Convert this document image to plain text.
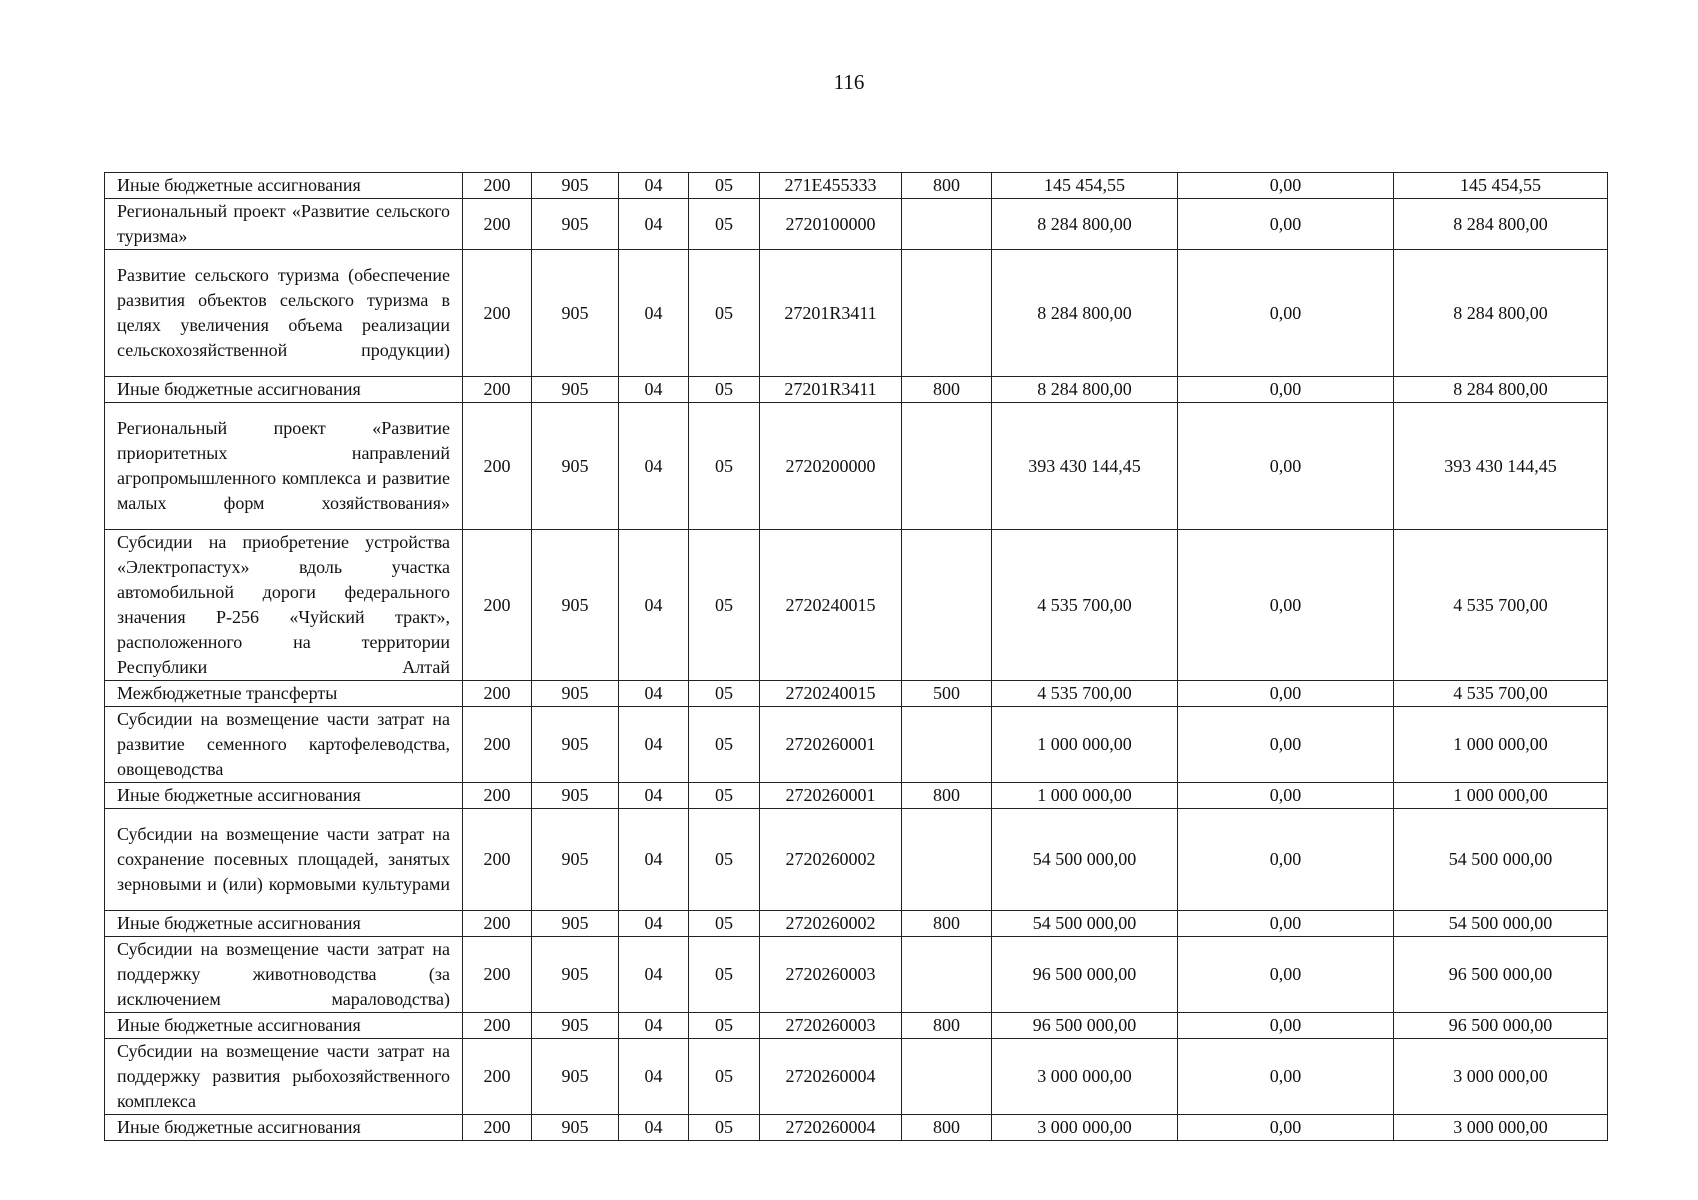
116
Иные бюджетные ассигнования	200	905	04	05	271E455333	800	145 454,55	0,00	145 454,55
Региональный проект «Развитие сельского туризма»	200	905	04	05	2720100000		8 284 800,00	0,00	8 284 800,00
Развитие сельского туризма (обеспечение развития объектов сельского туризма в целях увеличения объема реализации сельскохозяйственной продукции)	200	905	04	05	27201R3411		8 284 800,00	0,00	8 284 800,00
Иные бюджетные ассигнования	200	905	04	05	27201R3411	800	8 284 800,00	0,00	8 284 800,00
Региональный проект «Развитие приоритетных направлений агропромышленного комплекса и развитие малых форм хозяйствования»	200	905	04	05	2720200000		393 430 144,45	0,00	393 430 144,45
Субсидии на приобретение устройства «Электропастух» вдоль участка автомобильной дороги федерального значения Р-256 «Чуйский тракт», расположенного на территории Республики Алтай	200	905	04	05	2720240015		4 535 700,00	0,00	4 535 700,00
Межбюджетные трансферты	200	905	04	05	2720240015	500	4 535 700,00	0,00	4 535 700,00
Субсидии на возмещение части затрат на развитие семенного картофелеводства, овощеводства	200	905	04	05	2720260001		1 000 000,00	0,00	1 000 000,00
Иные бюджетные ассигнования	200	905	04	05	2720260001	800	1 000 000,00	0,00	1 000 000,00
Субсидии на возмещение части затрат на сохранение посевных площадей, занятых зерновыми и (или) кормовыми культурами	200	905	04	05	2720260002		54 500 000,00	0,00	54 500 000,00
Иные бюджетные ассигнования	200	905	04	05	2720260002	800	54 500 000,00	0,00	54 500 000,00
Субсидии на возмещение части затрат на поддержку животноводства (за исключением мараловодства)	200	905	04	05	2720260003		96 500 000,00	0,00	96 500 000,00
Иные бюджетные ассигнования	200	905	04	05	2720260003	800	96 500 000,00	0,00	96 500 000,00
Субсидии на возмещение части затрат на поддержку развития рыбохозяйственного комплекса	200	905	04	05	2720260004		3 000 000,00	0,00	3 000 000,00
Иные бюджетные ассигнования	200	905	04	05	2720260004	800	3 000 000,00	0,00	3 000 000,00
